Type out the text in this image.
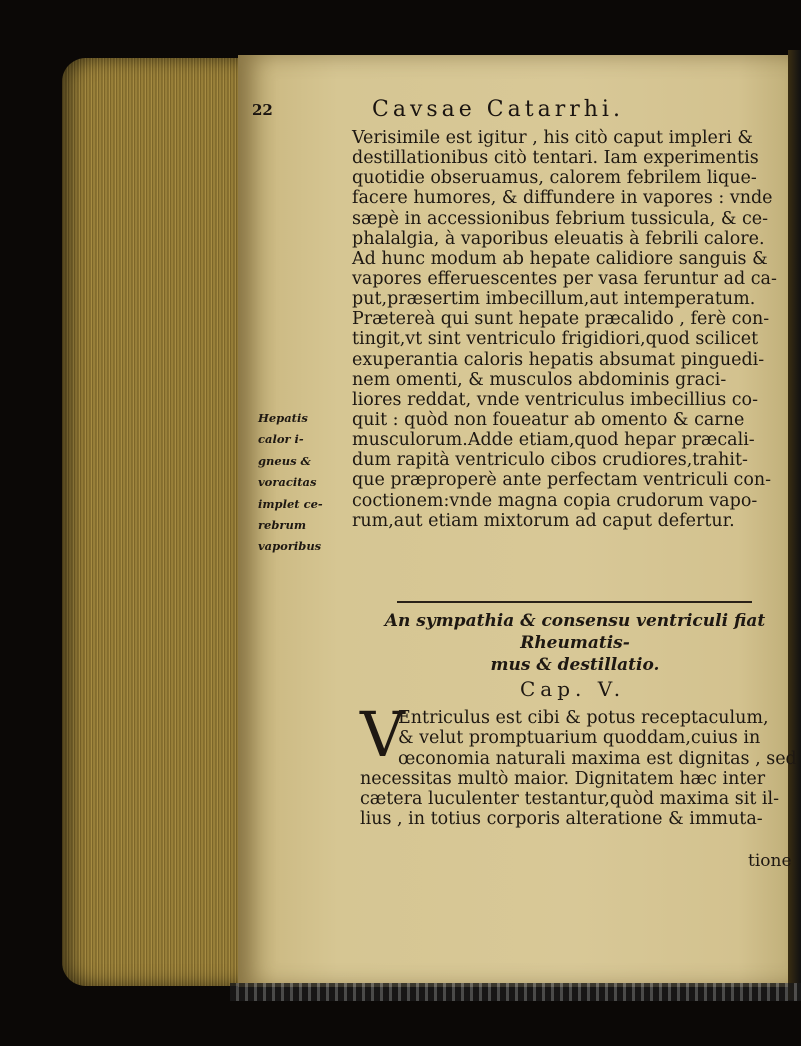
22	Cavsae Catarrhi.
Verisimile est igitur , his citò caput impleri &
destillationibus citò tentari. Iam experimentis
quotidie obseruamus, calorem febrilem lique-
facere humores, & diffundere in vapores : vnde
sæpè in accessionibus febrium tussicula, & ce-
phalalgia, à vaporibus eleuatis à febrili calore.
Ad hunc modum ab hepate calidiore sanguis &
vapores efferuescentes per vasa feruntur ad ca-
put,præsertim imbecillum,aut intemperatum.
Prætereà qui sunt hepate præcalido , ferè con-
tingit,vt sint ventriculo frigidiori,quod scilicet
exuperantia caloris hepatis absumat pinguedi-
nem omenti, & musculos abdominis graci-
liores reddat, vnde ventriculus imbecillius co-
quit : quòd non foueatur ab omento & carne
musculorum.Adde etiam,quod hepar præcali-
dum rapità ventriculo cibos crudiores,trahit-
que præproperè ante perfectam ventriculi con-
coctionem:vnde magna copia crudorum vapo-
rum,aut etiam mixtorum ad caput defertur.
Hepatis
calor i-
gneus &
voracitas
implet ce-
rebrum
vaporibus
An sympathia & consensu ventriculi fiat Rheumatis-
mus & destillatio.
Cap. V.
V
Entriculus est cibi & potus receptaculum,
& velut promptuarium quoddam,cuius in
œconomia naturali maxima est dignitas , sed
necessitas multò maior. Dignitatem hæc inter
cætera luculenter testantur,quòd maxima sit il-
lius , in totius corporis alteratione & immuta-
tione
